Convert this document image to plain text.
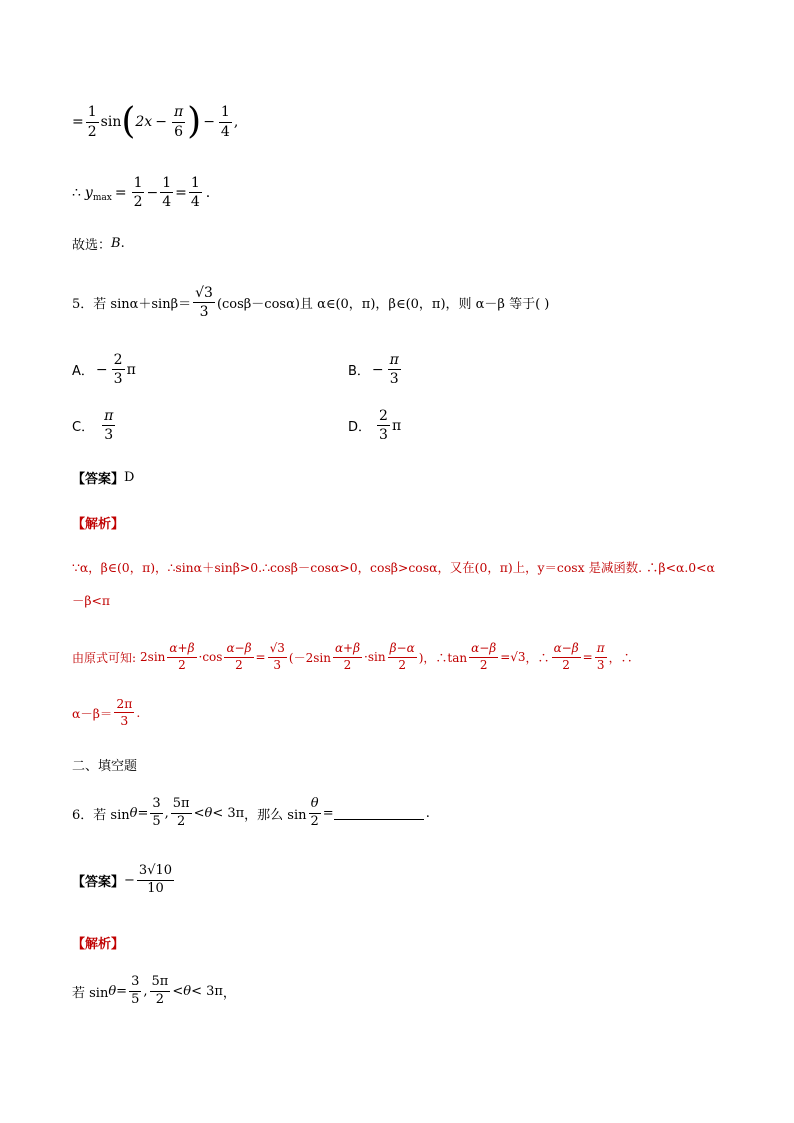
= $\frac{1}{2}$ sin ( $2x - \frac{\pi}{6}$ ) − $\frac{1}{4}$ ,
∴ y $\max = \frac{1}{2} - \frac{1}{4} = \frac{1}{4}$ .
故选： B .
5．若 $\sin\alpha+\sin\beta= \frac{√3}{3} (\cos\beta-\cos\alpha)$且 α∈(0，π)，β∈(0，π)，则 α－β 等于( )
A． − $\frac{2}{3}$ π	B． − $\frac{\pi}{3}$
C． $\frac{\pi}{3}$	D． $\frac{2}{3}$ π
【答案】 D
【解析】
∵α，β∈(0，π)，∴sinα＋sinβ>0.∴cosβ－cosα>0，cosβ>cosα，又在(0，π)上，y＝cosx 是减函数. ∴β<α.0<α
－β<π
由原式可知: $2\sin \frac{\alpha+\beta}{2} \cdot\cos \frac{\alpha-\beta}{2} = \frac{√3}{3} (-2\sin \frac{\alpha+\beta}{2} \cdot\sin \frac{\beta-\alpha}{2}$ )，∴tan $\frac{\alpha-\beta}{2} = √3$ ，∴ $\frac{\alpha-\beta}{2} = \frac{\pi}{3}$ ，∴
$\alpha-\beta= \frac{2\pi}{3}$ .
二、填空题
6．若 $\sin \theta = \frac{3}{5}$ , $\frac{5\pi}{2} < \theta < 3\pi$ ，那么 $\sin \frac{\theta}{2}$ =	.
【答案】 − $\frac{3√10}{10}$
【解析】
若 $\sin \theta = \frac{3}{5}$ , $\frac{5\pi}{2} < \theta < 3\pi$ ，
